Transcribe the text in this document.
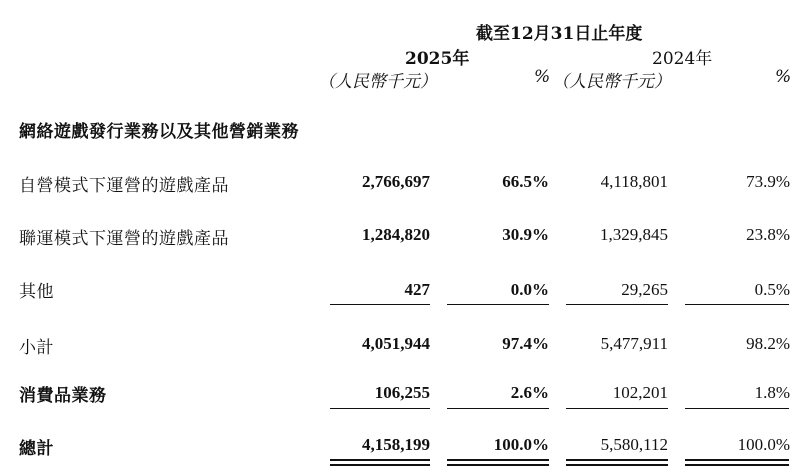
截至12月31日止年度
2025年	2024年
（人民幣千元）	% （人民幣千元）	%
網絡遊戲發行業務以及其他營銷業務
自營模式下運營的遊戲產品	2,766,697	66.5%	4,118,801	73.9%
聯運模式下運營的遊戲產品	1,284,820	30.9%	1,329,845	23.8%
其他	427	0.0%	29,265	0.5%
小計	4,051,944	97.4%	5,477,911	98.2%
消費品業務	106,255	2.6%	102,201	1.8%
總計	4,158,199	100.0%	5,580,112	100.0%
